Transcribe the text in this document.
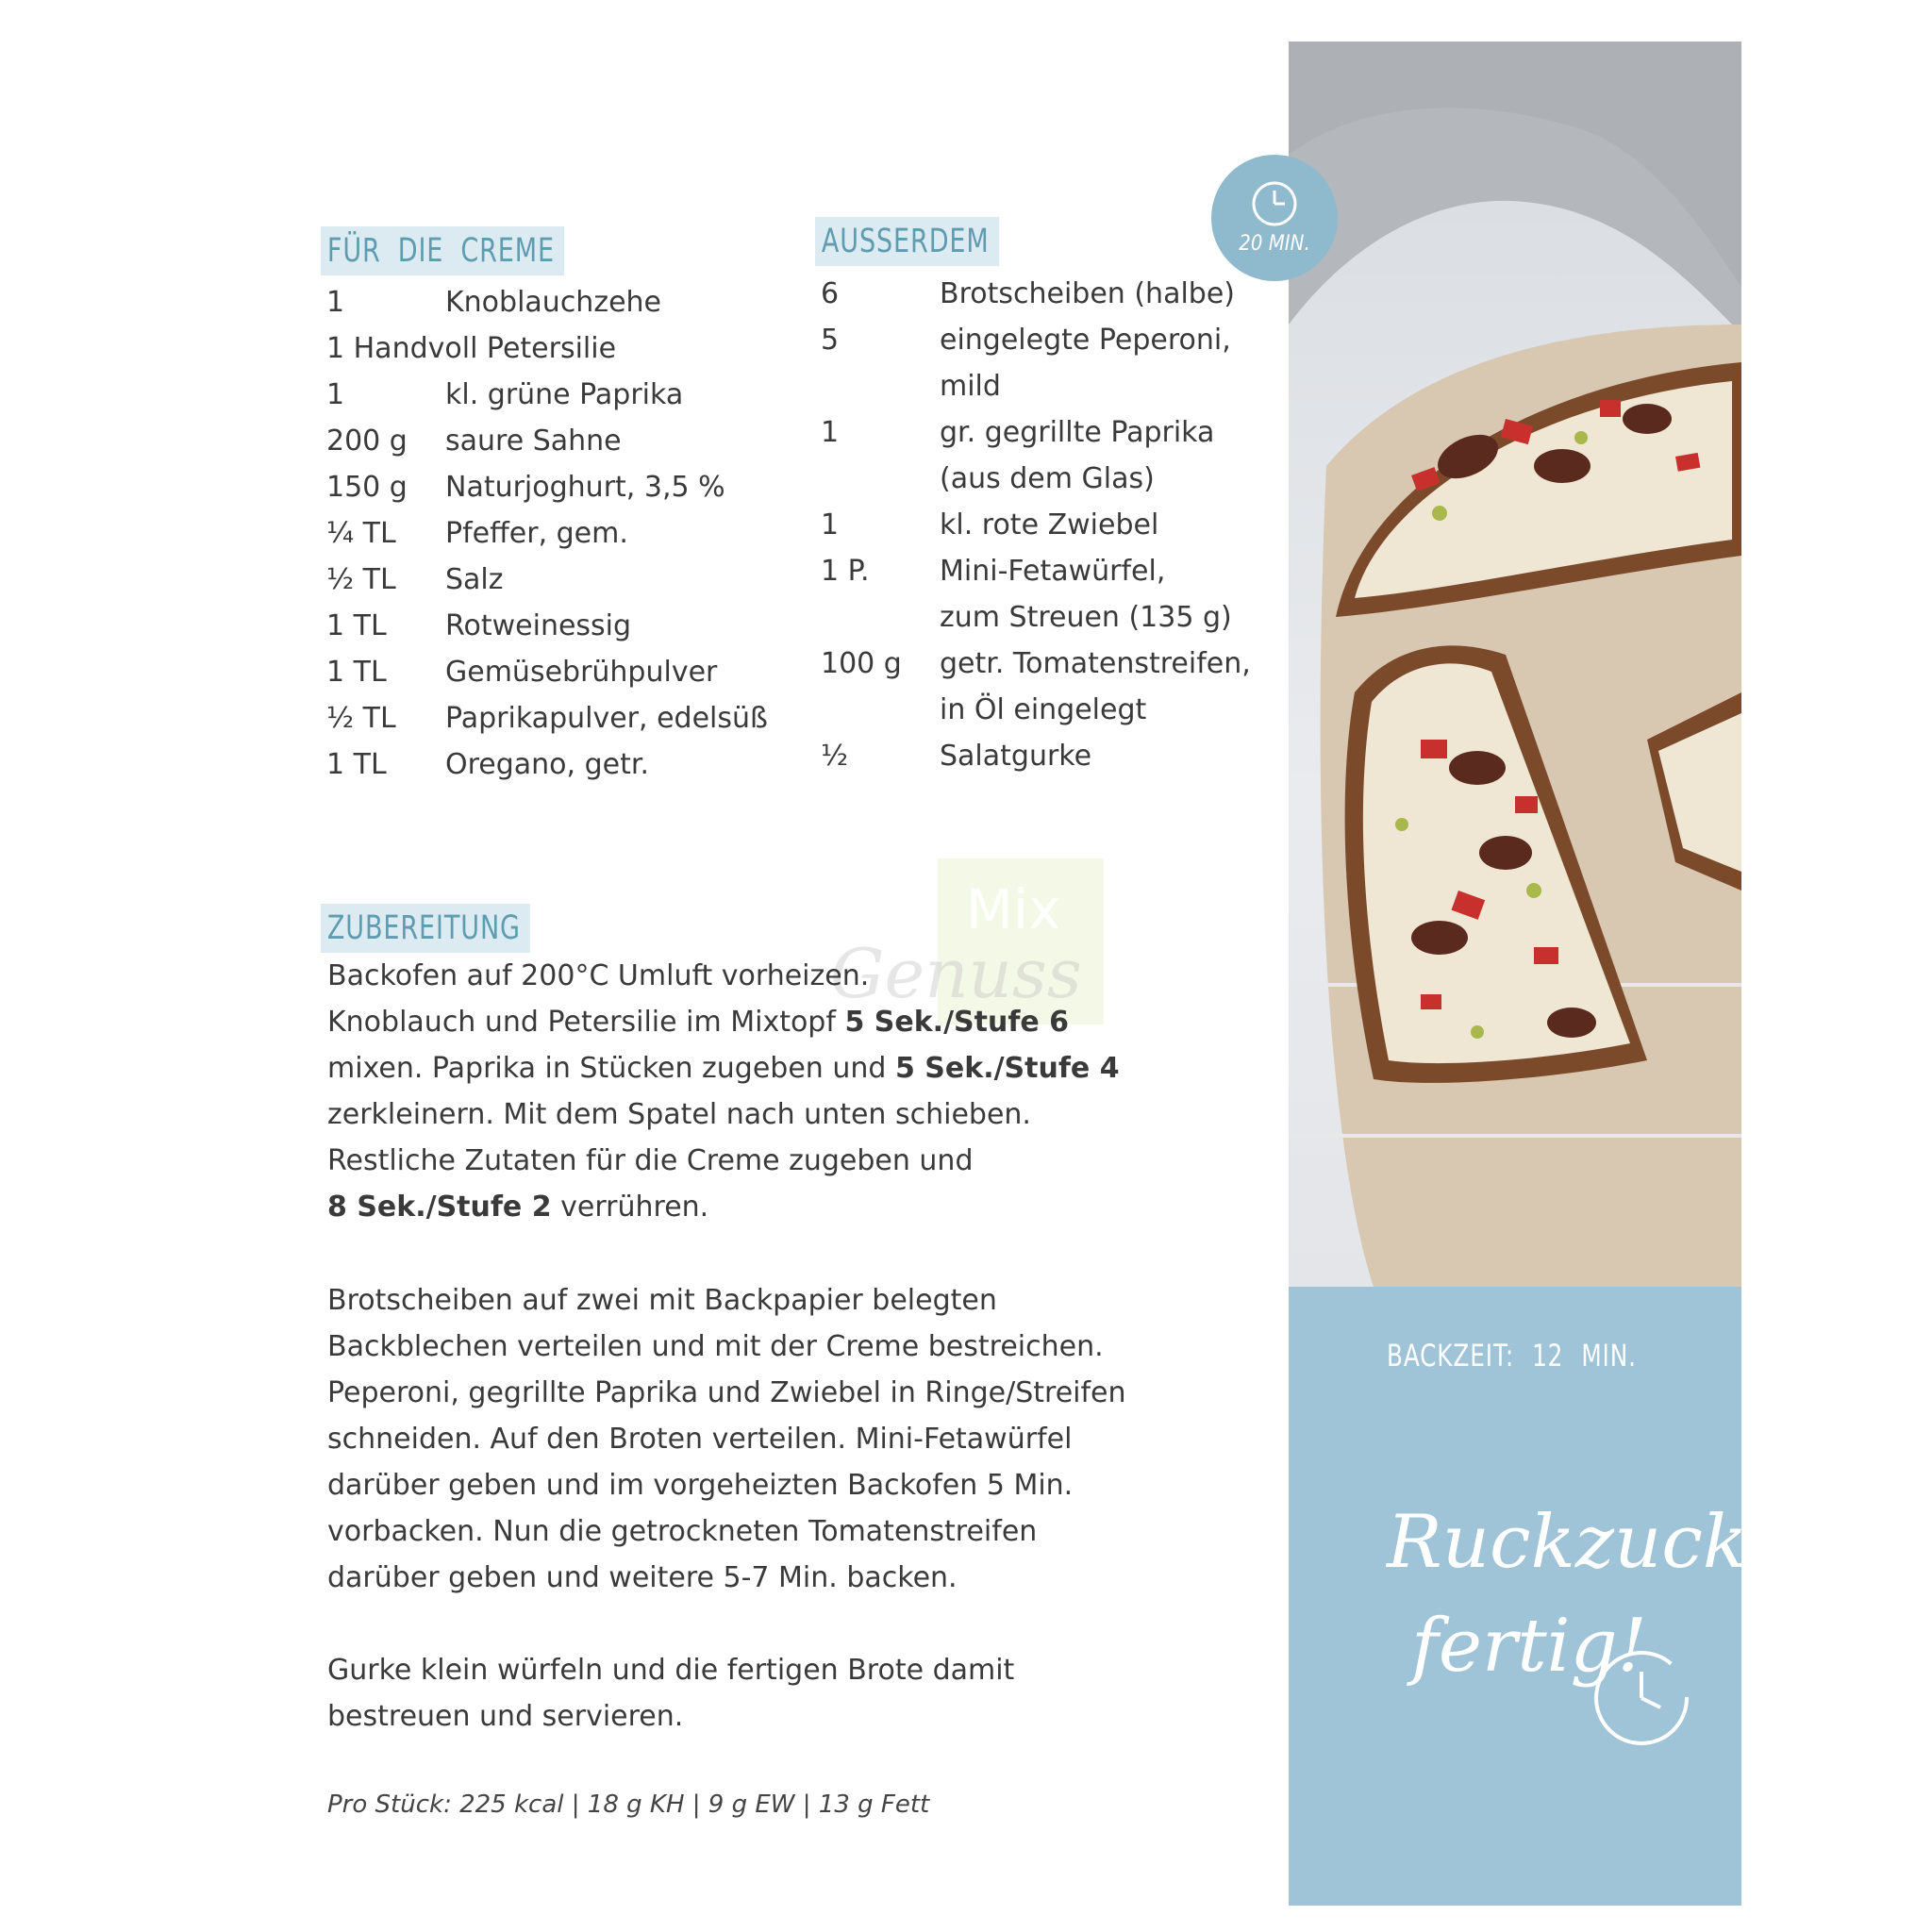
FÜR DIE CREME
1	Knoblauchzehe
1 Handvoll Petersilie
1	kl. grüne Paprika
200 g saure Sahne
150 g Naturjoghurt, 3,5 %
¼ TL Pfeffer, gem.
½ TL Salz
1 TL Rotweinessig
1 TL Gemüsebrühpulver
½ TL Paprikapulver, edelsüß
1 TL Oregano, getr.
AUSSERDEM
6	Brotscheiben (halbe)
5	eingelegte Peperoni,
mild
1	gr. gegrillte Paprika
(aus dem Glas)
1	kl. rote Zwiebel
1 P. Mini-Fetawürfel,
zum Streuen (135 g)
100 g getr. Tomatenstreifen,
in Öl eingelegt
½	Salatgurke
Mix
Genuss
ZUBEREITUNG
Backofen auf 200°C Umluft vorheizen.
Knoblauch und Petersilie im Mixtopf 5 Sek./Stufe 6
mixen. Paprika in Stücken zugeben und 5 Sek./Stufe 4
zerkleinern. Mit dem Spatel nach unten schieben.
Restliche Zutaten für die Creme zugeben und
8 Sek./Stufe 2 verrühren.
Brotscheiben auf zwei mit Backpapier belegten
Backblechen verteilen und mit der Creme bestreichen.
Peperoni, gegrillte Paprika und Zwiebel in Ringe/Streifen
schneiden. Auf den Broten verteilen. Mini-Fetawürfel
darüber geben und im vorgeheizten Backofen 5 Min.
vorbacken. Nun die getrockneten Tomatenstreifen
darüber geben und weitere 5-7 Min. backen.
Gurke klein würfeln und die fertigen Brote damit
bestreuen und servieren.
Pro Stück: 225 kcal | 18 g KH | 9 g EW | 13 g Fett
20 MIN.
BACKZEIT: 12 MIN.
Ruckzuck
fertig!
